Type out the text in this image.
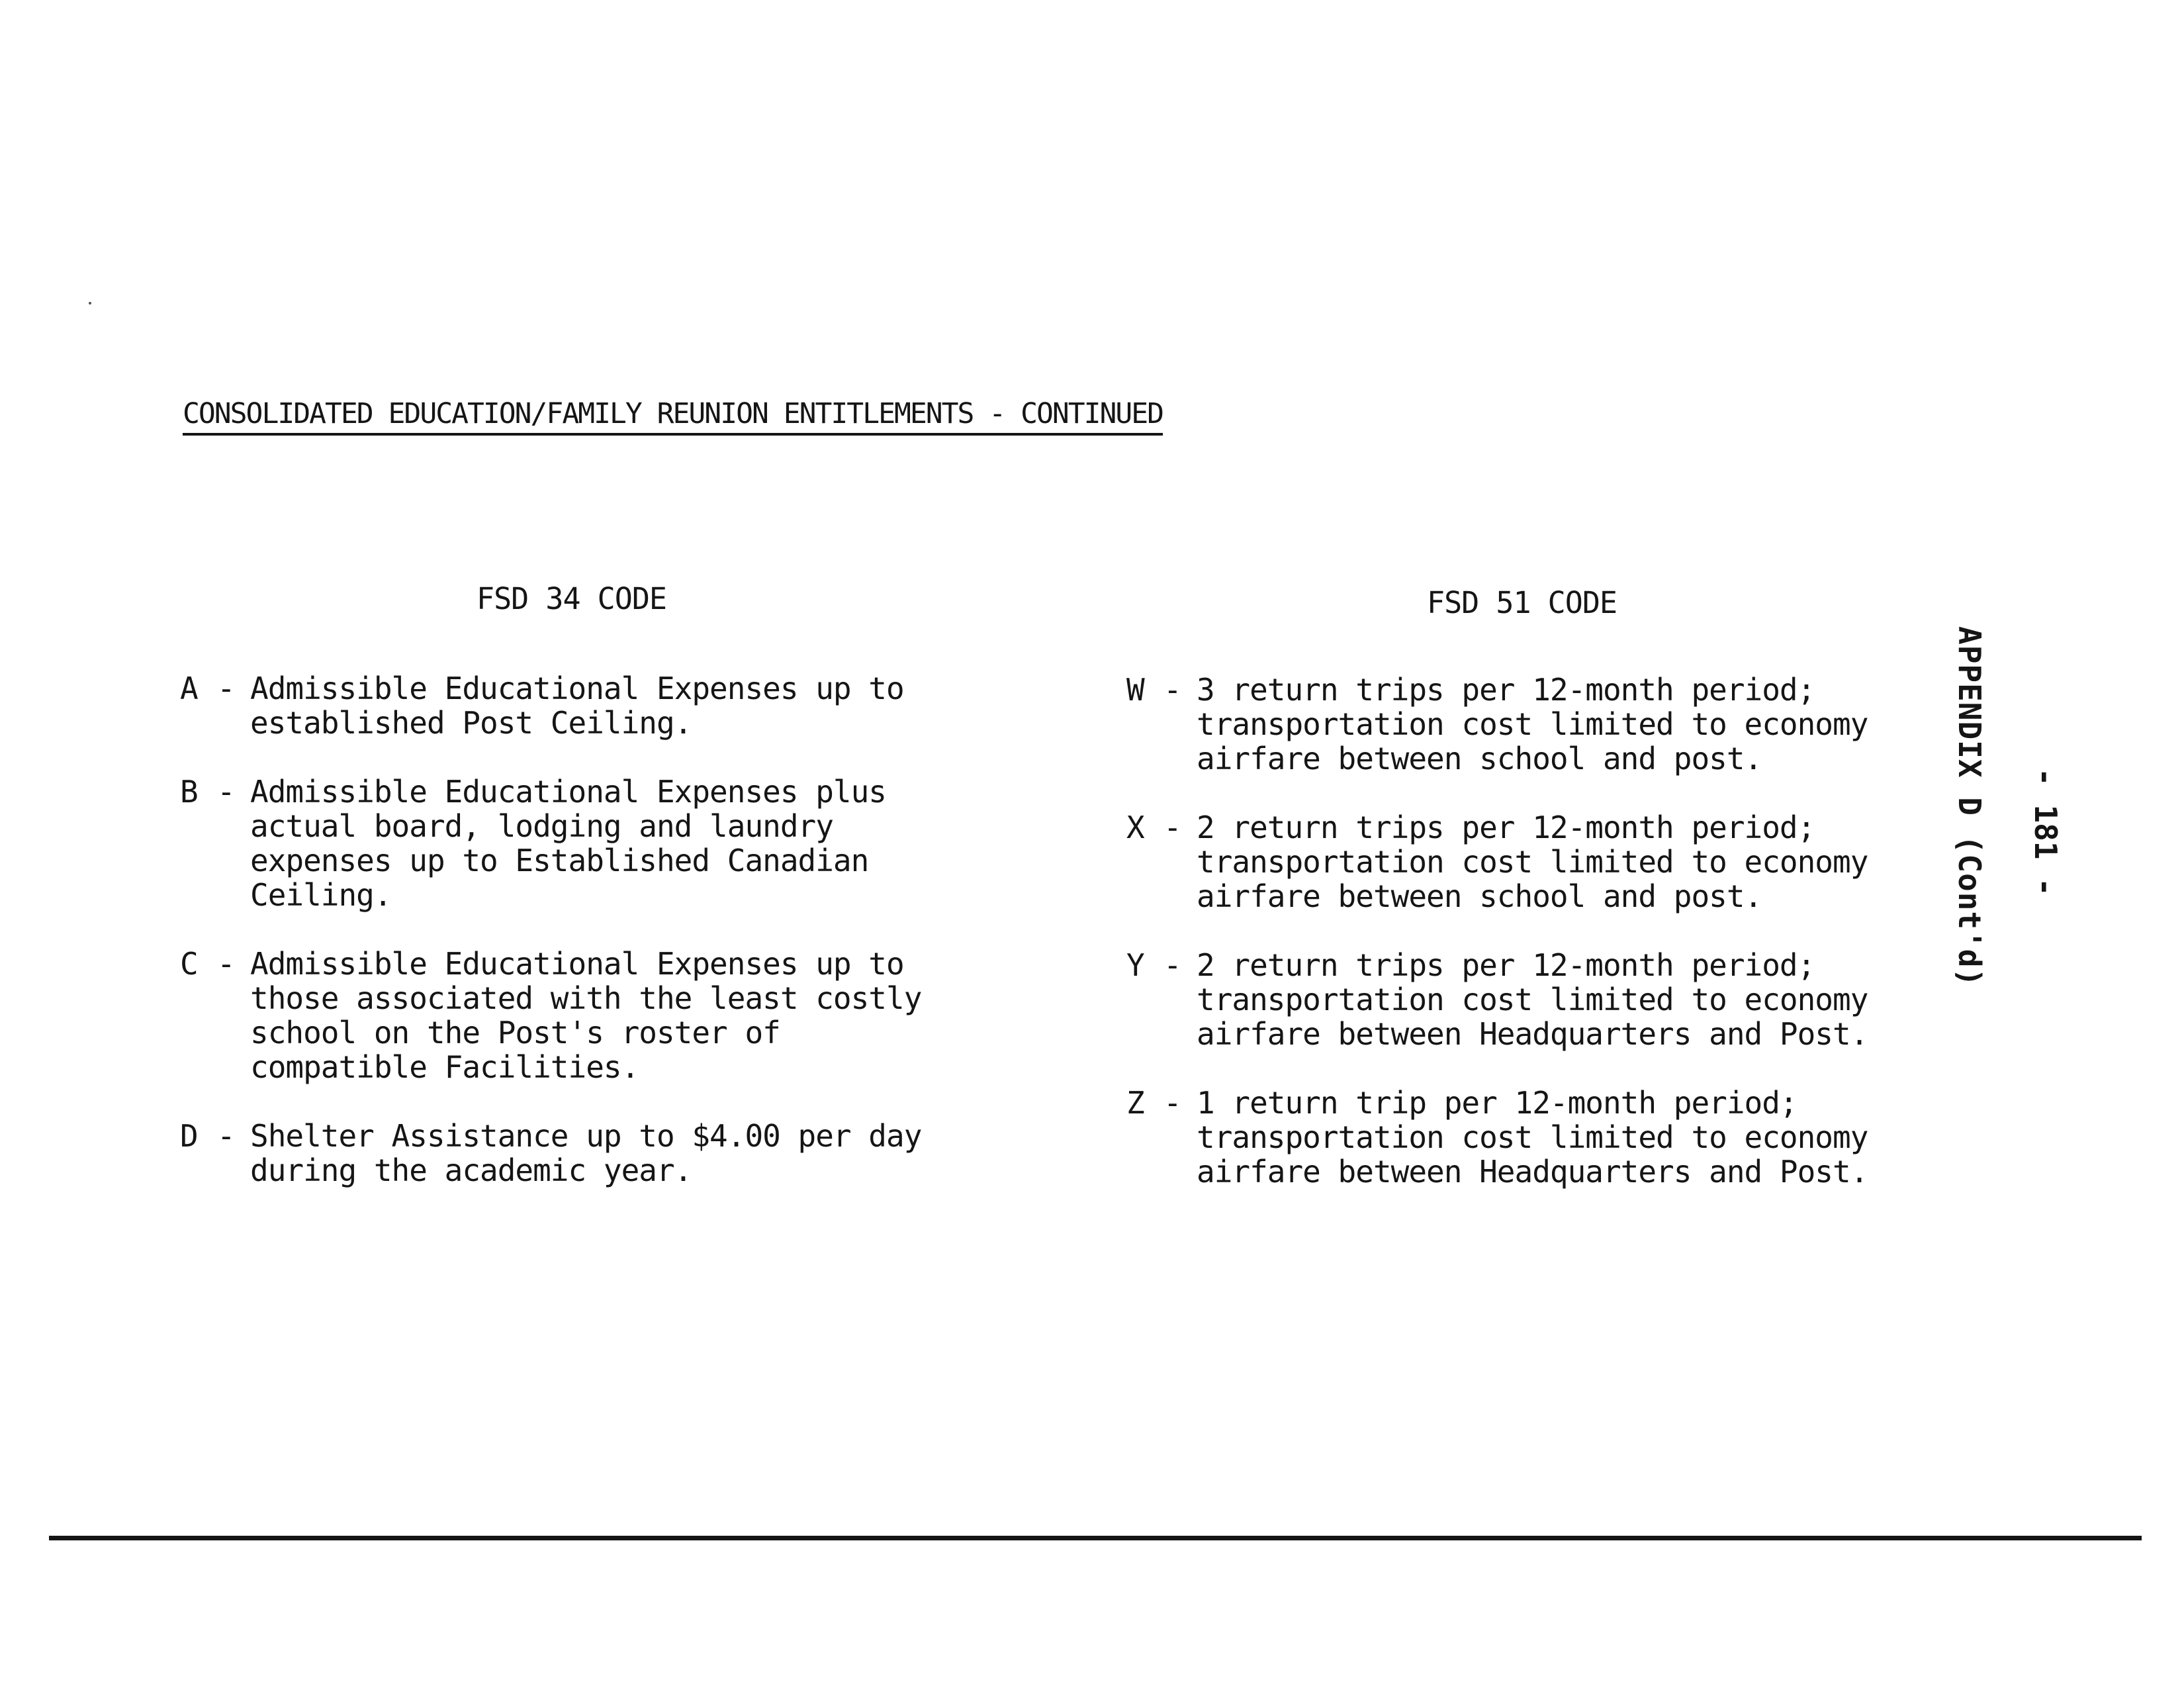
CONSOLIDATED EDUCATION/FAMILY REUNION ENTITLEMENTS - CONTINUED
FSD 34 CODE	FSD 51 CODE
A - Admissible Educational Expenses up to
established Post Ceiling.
B - Admissible Educational Expenses plus
actual board, lodging and laundry
expenses up to Established Canadian
Ceiling.
C - Admissible Educational Expenses up to
those associated with the least costly
school on the Post's roster of
compatible Facilities.
D - Shelter Assistance up to $4.00 per day
during the academic year.
W - 3 return trips per 12-month period;
transportation cost limited to economy
airfare between school and post.
X - 2 return trips per 12-month period;
transportation cost limited to economy
airfare between school and post.
Y - 2 return trips per 12-month period;
transportation cost limited to economy
airfare between Headquarters and Post.
Z - 1 return trip per 12-month period;
transportation cost limited to economy
airfare between Headquarters and Post.
APPENDIX D (Cont'd) - 181 -
